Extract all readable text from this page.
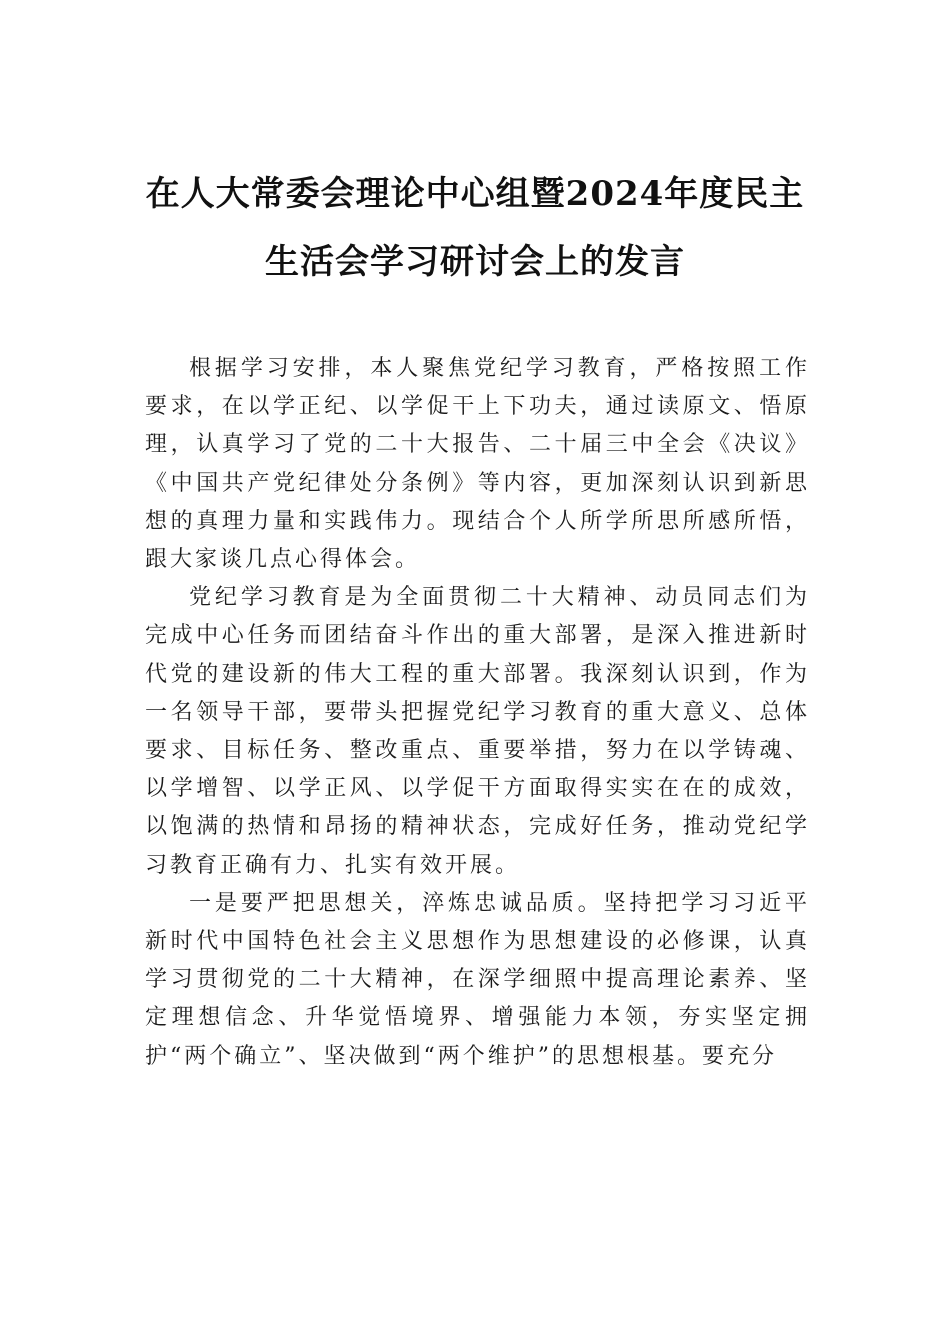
在人大常委会理论中心组暨2024年度民主
生活会学习研讨会上的发言

根据学习安排，本人聚焦党纪学习教育，严格按照工作要求，在以学正纪、以学促干上下功夫，通过读原文、悟原理，认真学习了党的二十大报告、二十届三中全会《决议》《中国共产党纪律处分条例》等内容，更加深刻认识到新思想的真理力量和实践伟力。现结合个人所学所思所感所悟，跟大家谈几点心得体会。

党纪学习教育是为全面贯彻二十大精神、动员同志们为完成中心任务而团结奋斗作出的重大部署，是深入推进新时代党的建设新的伟大工程的重大部署。我深刻认识到，作为一名领导干部，要带头把握党纪学习教育的重大意义、总体要求、目标任务、整改重点、重要举措，努力在以学铸魂、以学增智、以学正风、以学促干方面取得实实在在的成效，以饱满的热情和昂扬的精神状态，完成好任务，推动党纪学习教育正确有力、扎实有效开展。

一是要严把思想关，淬炼忠诚品质。坚持把学习习近平新时代中国特色社会主义思想作为思想建设的必修课，认真学习贯彻党的二十大精神，在深学细照中提高理论素养、坚定理想信念、升华觉悟境界、增强能力本领，夯实坚定拥护“两个确立”、坚决做到“两个维护”的思想根基。要充分
